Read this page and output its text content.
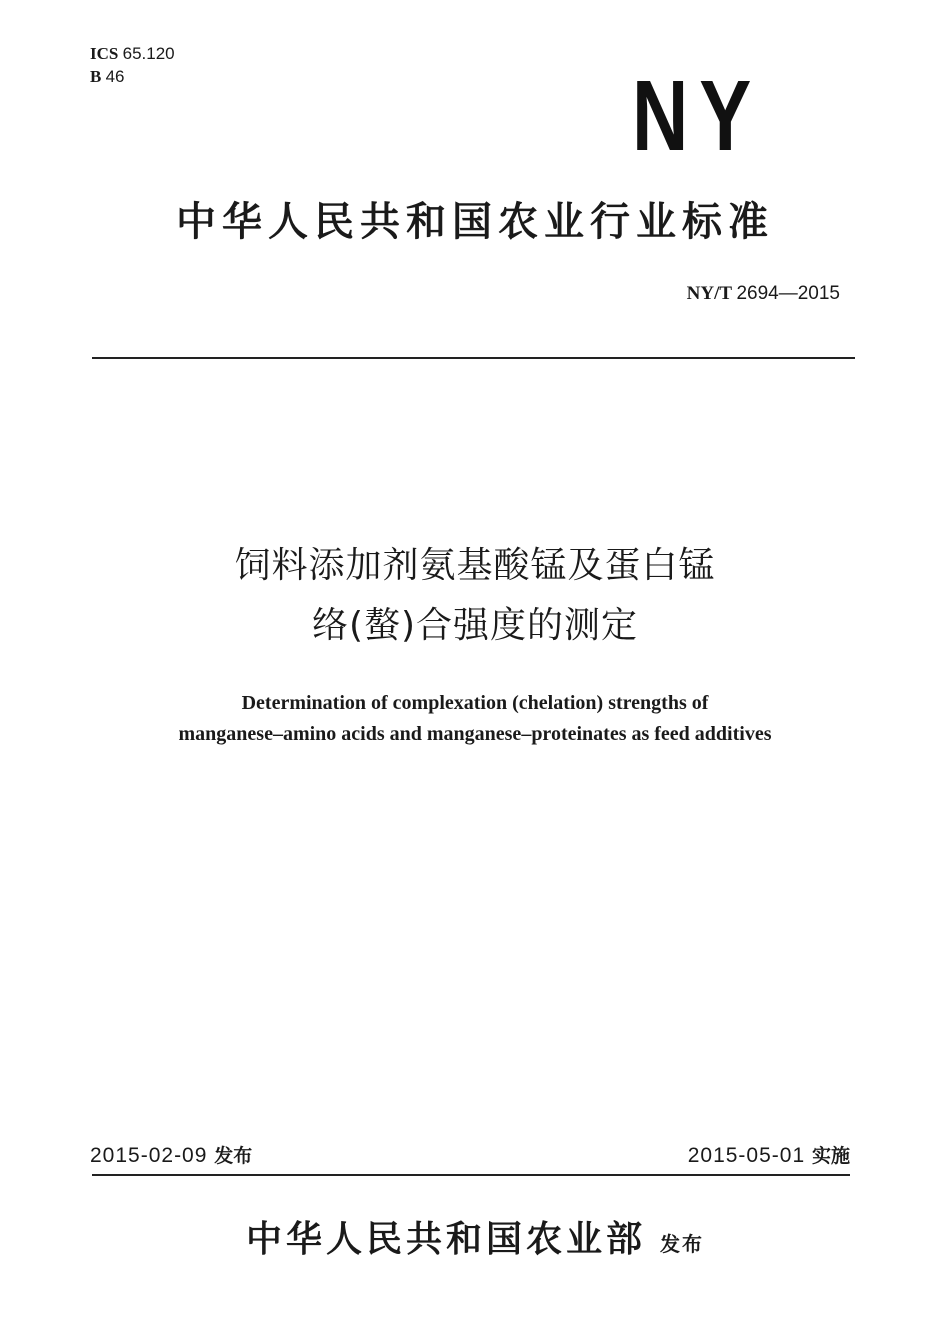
ICS 65.120
B 46	NY
中华人民共和国农业行业标准
NY/T 2694—2015
饲料添加剂氨基酸锰及蛋白锰
络(螯)合强度的测定
Determination of complexation (chelation) strengths of
manganese–amino acids and manganese–proteinates as feed additives
2015-02-09 发布	2015-05-01 实施
中华人民共和国农业部 发布
